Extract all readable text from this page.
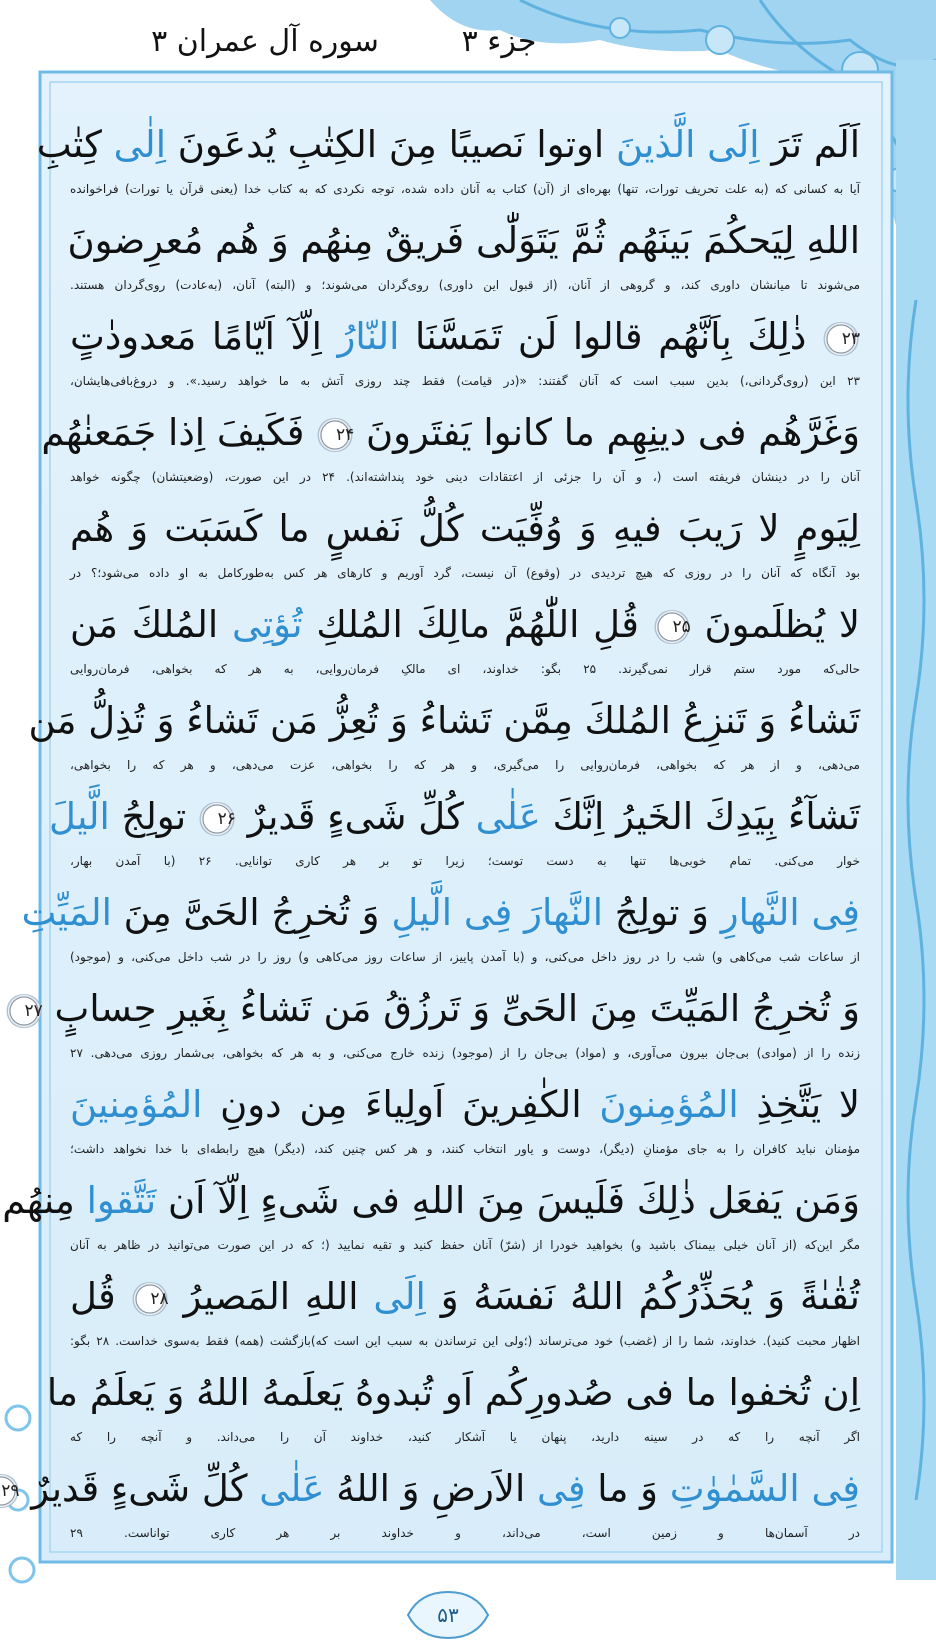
جزء ۳
سوره آل عمران ۳
اَلَم تَرَ اِلَی الَّذینَ اوتوا نَصیبًا مِنَ الکِتٰبِ یُدعَونَ اِلٰی کِتٰبِ
آیا به کسانی که (به علت تحریف تورات، تنها) بهره‌ای از (آن) کتاب به آنان داده شده، توجه نکردی که به کتاب خدا (یعنی قرآن یا تورات) فراخوانده
اللهِ لِیَحکُمَ بَینَهُم ثُمَّ یَتَوَلّٰی فَریقٌ مِنهُم وَ هُم مُعرِضونَ
می‌شوند تا میانشان داوری کند، و گروهی از آنان، (از قبول این داوری) روی‌گردان می‌شوند؛ و (البته) آنان، (به‌عادت) روی‌گردان هستند.
۲۳ ذٰلِكَ بِاَنَّهُم قالوا لَن تَمَسَّنَا النّارُ اِلّآ اَیّامًا مَعدودٰتٍ
۲۳ این (روی‌گردانی،) بدین سبب است که آنان گفتند: «(در قیامت) فقط چند روزی آتش به ما خواهد رسید.». و دروغ‌بافی‌هایشان،
وَغَرَّهُم فی دینِهِم ما کانوا یَفتَرونَ ۲۴ فَکَیفَ اِذا جَمَعنٰهُم
آنان را در دینشان فریفته است (، و آن را جزئی از اعتقادات دینی خود پنداشته‌اند). ۲۴ در این صورت، (وضعیتشان) چگونه خواهد
لِیَومٍ لا رَیبَ فیهِ وَ وُفِّیَت کُلُّ نَفسٍ ما کَسَبَت وَ هُم
بود آنگاه که آنان را در روزی که هیچ تردیدی در (وقوع) آن نیست، گرد آوریم و کارهای هر کس به‌طورکامل به او داده می‌شود؛؟ در
لا یُظلَمونَ ۲۵ قُلِ اللّٰهُمَّ مالِكَ المُلكِ تُؤتِی المُلكَ مَن
حالی‌که مورد ستم قرار نمی‌گیرند. ۲۵ بگو: خداوند، ای مالکِ فرمان‌روایی، به هر که بخواهی، فرمان‌روایی
تَشاءُ وَ تَنزِعُ المُلكَ مِمَّن تَشاءُ وَ تُعِزُّ مَن تَشاءُ وَ تُذِلُّ مَن
می‌دهی، و از هر که بخواهی، فرمان‌روایی را می‌گیری، و هر که را بخواهی، عزت می‌دهی، و هر که را بخواهی،
تَشآءُ بِیَدِكَ الخَیرُ اِنَّكَ عَلٰی کُلِّ شَیءٍ قَدیرٌ ۲۶ تولِجُ الَّیلَ
خوار می‌کنی. تمام خوبی‌ها تنها به دست توست؛ زیرا تو بر هر کاری توانایی. ۲۶ (با آمدن بهار،
فِی النَّهارِ وَ تولِجُ النَّهارَ فِی الَّیلِ وَ تُخرِجُ الحَیَّ مِنَ المَیِّتِ
از ساعات شب می‌کاهی و) شب را در روز داخل می‌کنی، و (با آمدن پاییز، از ساعات روز می‌کاهی و) روز را در شب داخل می‌کنی، و (موجود)
وَ تُخرِجُ المَیِّتَ مِنَ الحَیِّ وَ تَرزُقُ مَن تَشاءُ بِغَیرِ حِسابٍ ۲۷
زنده را از (موادی) بی‌جان بیرون می‌آوری، و (مواد) بی‌جان را از (موجود) زنده خارج می‌کنی، و به هر که بخواهی، بی‌شمار روزی می‌دهی. ۲۷
لا یَتَّخِذِ المُؤمِنونَ الکٰفِرینَ اَولِیاءَ مِن دونِ المُؤمِنینَ
مؤمنان نباید کافران را به جای مؤمنانِ (دیگر)، دوست و یاور انتخاب کنند، و هر کس چنین کند، (دیگر) هیچ رابطه‌ای با خدا نخواهد داشت؛
وَمَن یَفعَل ذٰلِكَ فَلَیسَ مِنَ اللهِ فی شَیءٍ اِلّآ اَن تَتَّقوا مِنهُم
مگر این‌که (از آنان خیلی بیمناک باشید و) بخواهید خودرا از (شرّ) آنان حفظ کنید و تقیه نمایید (؛ که در این صورت می‌توانید در ظاهر به آنان
تُقٰىٰةً وَ یُحَذِّرُكُمُ اللهُ نَفسَهُ وَ اِلَی اللهِ المَصیرُ ۲۸ قُل
اظهار محبت کنید). خداوند، شما را از (غضب) خود می‌ترساند (؛ولی این ترساندن به سبب این است که)بازگشت (همه) فقط به‌سوی خداست. ۲۸ بگو:
اِن تُخفوا ما فی صُدورِكُم اَو تُبدوهُ یَعلَمهُ اللهُ وَ یَعلَمُ ما
اگر آنچه را که در سینه دارید، پنهان یا آشکار کنید، خداوند آن را می‌داند. و آنچه را که
فِی السَّمٰوٰتِ وَ ما فِی الاَرضِ وَ اللهُ عَلٰی کُلِّ شَیءٍ قَدیرٌ ۲۹
در آسمان‌ها و زمین است، می‌داند، و خداوند بر هر کاری تواناست. ۲۹
۵۳
